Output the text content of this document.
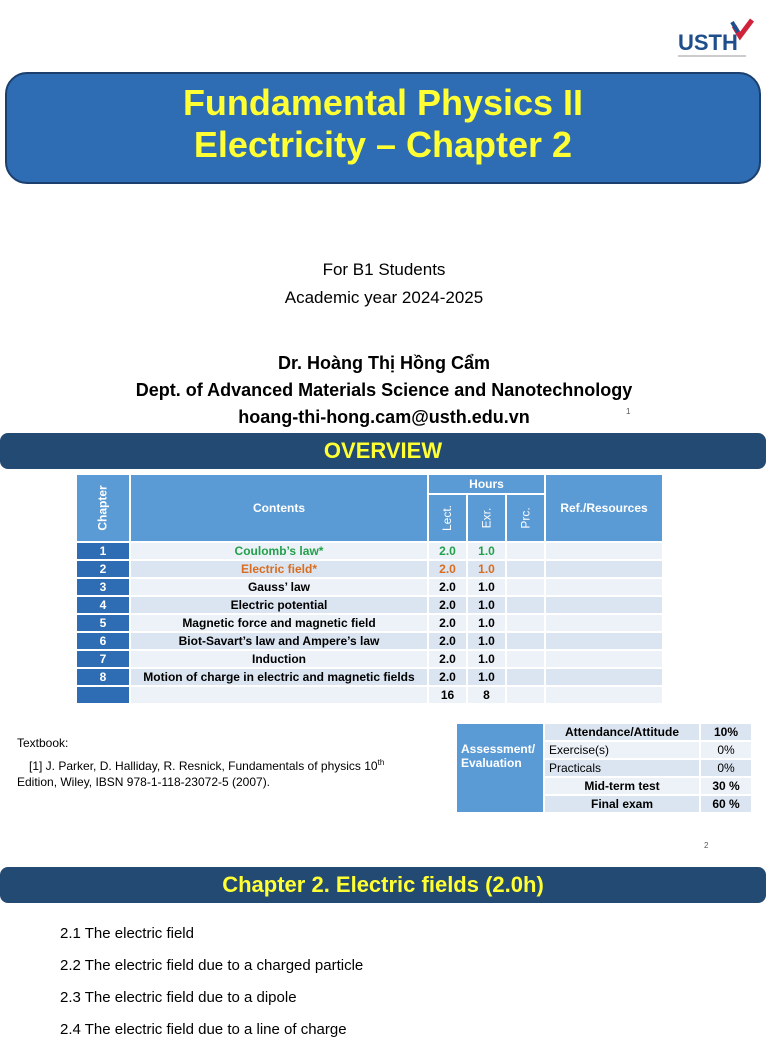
USTH
Fundamental Physics II
Electricity – Chapter 2
For B1 Students
Academic year 2024-2025
Dr. Hoàng Thị Hồng Cẩm
Dept. of Advanced Materials Science and Nanotechnology
hoang-thi-hong.cam@usth.edu.vn	1
OVERVIEW
Chapter	Contents	Hours			Ref./Resources
		Lect.	Exr.	Prc.	
1	Coulomb’s law*	2.0	1.0		
2	Electric field*	2.0	1.0		
3	Gauss’ law	2.0	1.0		
4	Electric potential	2.0	1.0		
5	Magnetic force and magnetic field	2.0	1.0		
6	Biot-Savart’s law and Ampere’s law	2.0	1.0		
7	Induction	2.0	1.0		
8	Motion of charge in electric and magnetic fields	2.0	1.0		
		16	8		
Textbook:
[1] J. Parker, D. Halliday, R. Resnick, Fundamentals of physics 10th
Edition, Wiley, IBSN 978-1-118-23072-5 (2007).
Assessment/
Evaluation	Attendance/Attitude	10%
	Exercise(s)	0%
	Practicals	0%
	Mid-term test	30 %
	Final exam	60 %
2
Chapter 2. Electric fields (2.0h)
2.1 The electric field
2.2 The electric field due to a charged particle
2.3 The electric field due to a dipole
2.4 The electric field due to a line of charge
